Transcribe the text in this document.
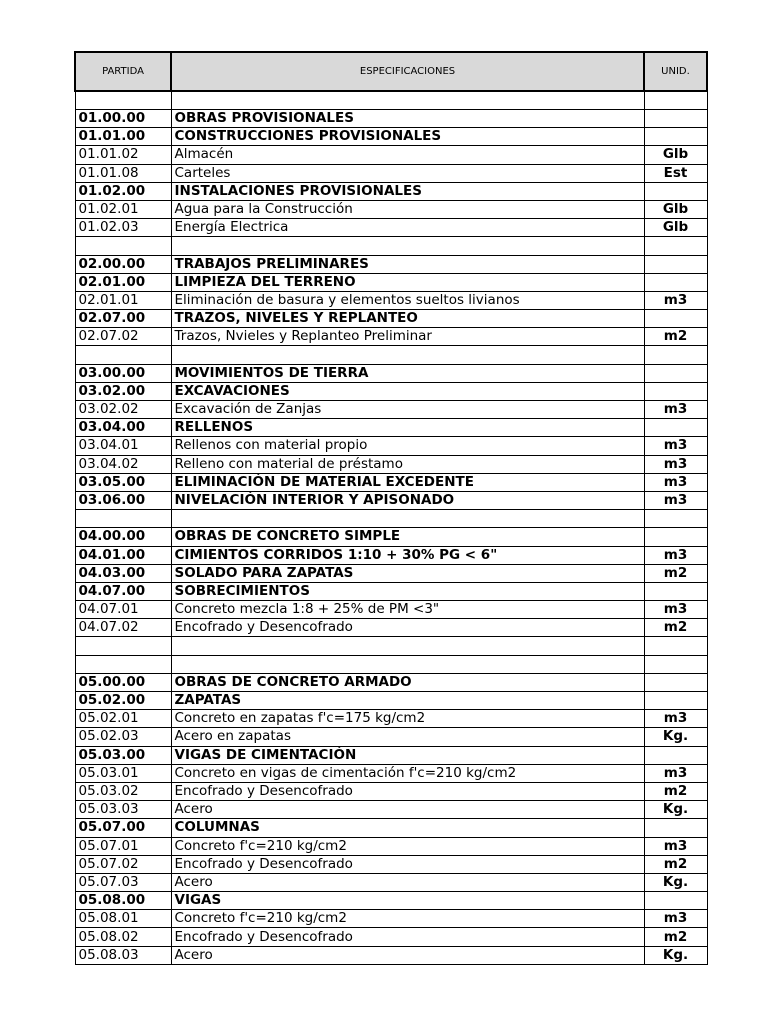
PARTIDA	ESPECIFICACIONES	UNID.

01.00.00	OBRAS PROVISIONALES	
01.01.00	CONSTRUCCIONES PROVISIONALES	
01.01.02	Almacén	Glb
01.01.08	Carteles	Est
01.02.00	INSTALACIONES PROVISIONALES	
01.02.01	Agua para la Construcción	Glb
01.02.03	Energía Electrica	Glb

02.00.00	TRABAJOS PRELIMINARES	
02.01.00	LIMPIEZA DEL TERRENO	
02.01.01	Eliminación de basura y elementos sueltos livianos	m3
02.07.00	TRAZOS, NIVELES Y REPLANTEO	
02.07.02	Trazos, Nvieles y Replanteo Preliminar	m2

03.00.00	MOVIMIENTOS DE TIERRA	
03.02.00	EXCAVACIONES	
03.02.02	Excavación de Zanjas	m3
03.04.00	RELLENOS	
03.04.01	Rellenos con material propio	m3
03.04.02	Relleno con material de préstamo	m3
03.05.00	ELIMINACIÓN DE MATERIAL EXCEDENTE	m3
03.06.00	NIVELACIÓN INTERIOR Y APISONADO	m3

04.00.00	OBRAS DE CONCRETO SIMPLE	
04.01.00	CIMIENTOS CORRIDOS 1:10 + 30% PG < 6"	m3
04.03.00	SOLADO PARA ZAPATAS	m2
04.07.00	SOBRECIMIENTOS	
04.07.01	Concreto mezcla 1:8 + 25% de PM <3"	m3
04.07.02	Encofrado y Desencofrado	m2

05.00.00	OBRAS DE CONCRETO ARMADO	
05.02.00	ZAPATAS	
05.02.01	Concreto en zapatas f'c=175 kg/cm2	m3
05.02.03	Acero en zapatas	Kg.
05.03.00	VIGAS DE CIMENTACIÓN	
05.03.01	Concreto en vigas de cimentación f'c=210 kg/cm2	m3
05.03.02	Encofrado y Desencofrado	m2
05.03.03	Acero	Kg.
05.07.00	COLUMNAS	
05.07.01	Concreto f'c=210 kg/cm2	m3
05.07.02	Encofrado y Desencofrado	m2
05.07.03	Acero	Kg.
05.08.00	VIGAS	
05.08.01	Concreto f'c=210 kg/cm2	m3
05.08.02	Encofrado y Desencofrado	m2
05.08.03	Acero	Kg.
